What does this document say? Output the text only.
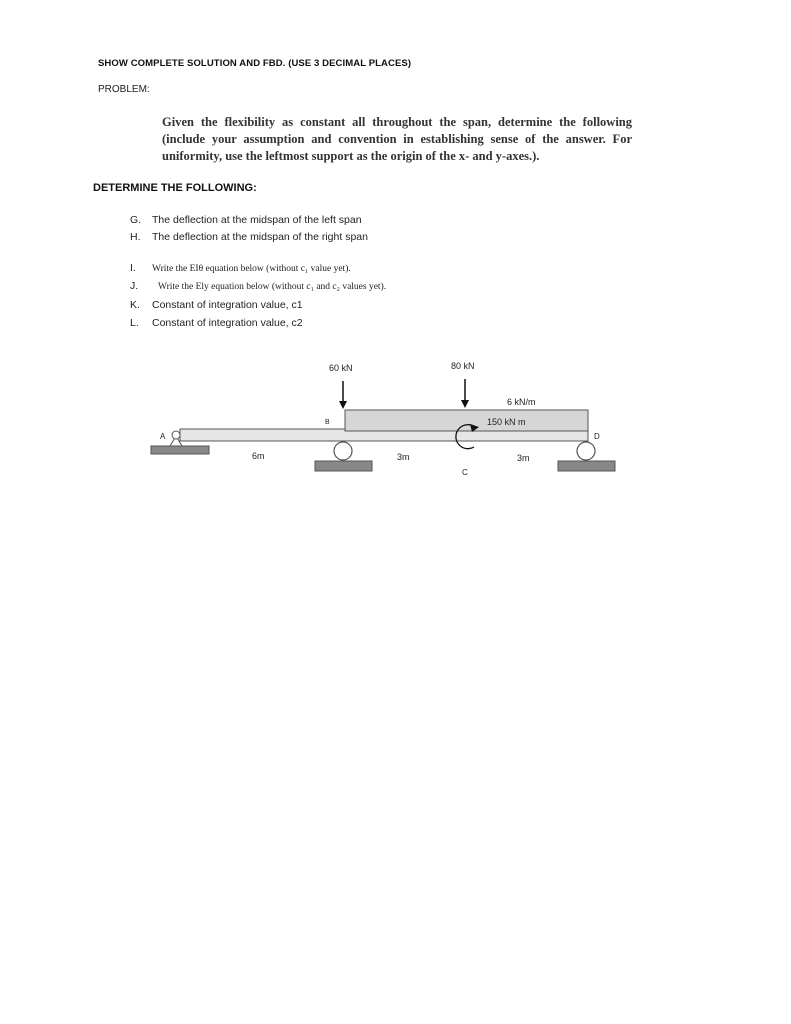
SHOW COMPLETE SOLUTION AND FBD. (USE 3 DECIMAL PLACES)
PROBLEM:
Given the flexibility as constant all throughout the span, determine the following (include your assumption and convention in establishing sense of the answer. For uniformity, use the leftmost support as the origin of the x- and y-axes.).
DETERMINE THE FOLLOWING:
G. The deflection at the midspan of the left span
H. The deflection at the midspan of the right span
I. Write the EIθ equation below (without c₁ value yet).
J. Write the Ely equation below (without c₁ and c₂ values yet).
K. Constant of integration value, c1
L. Constant of integration value, c2
60 kN	80 kN
6 kN/m
150 kN m
A
B
C
D
6m	3m	3m
